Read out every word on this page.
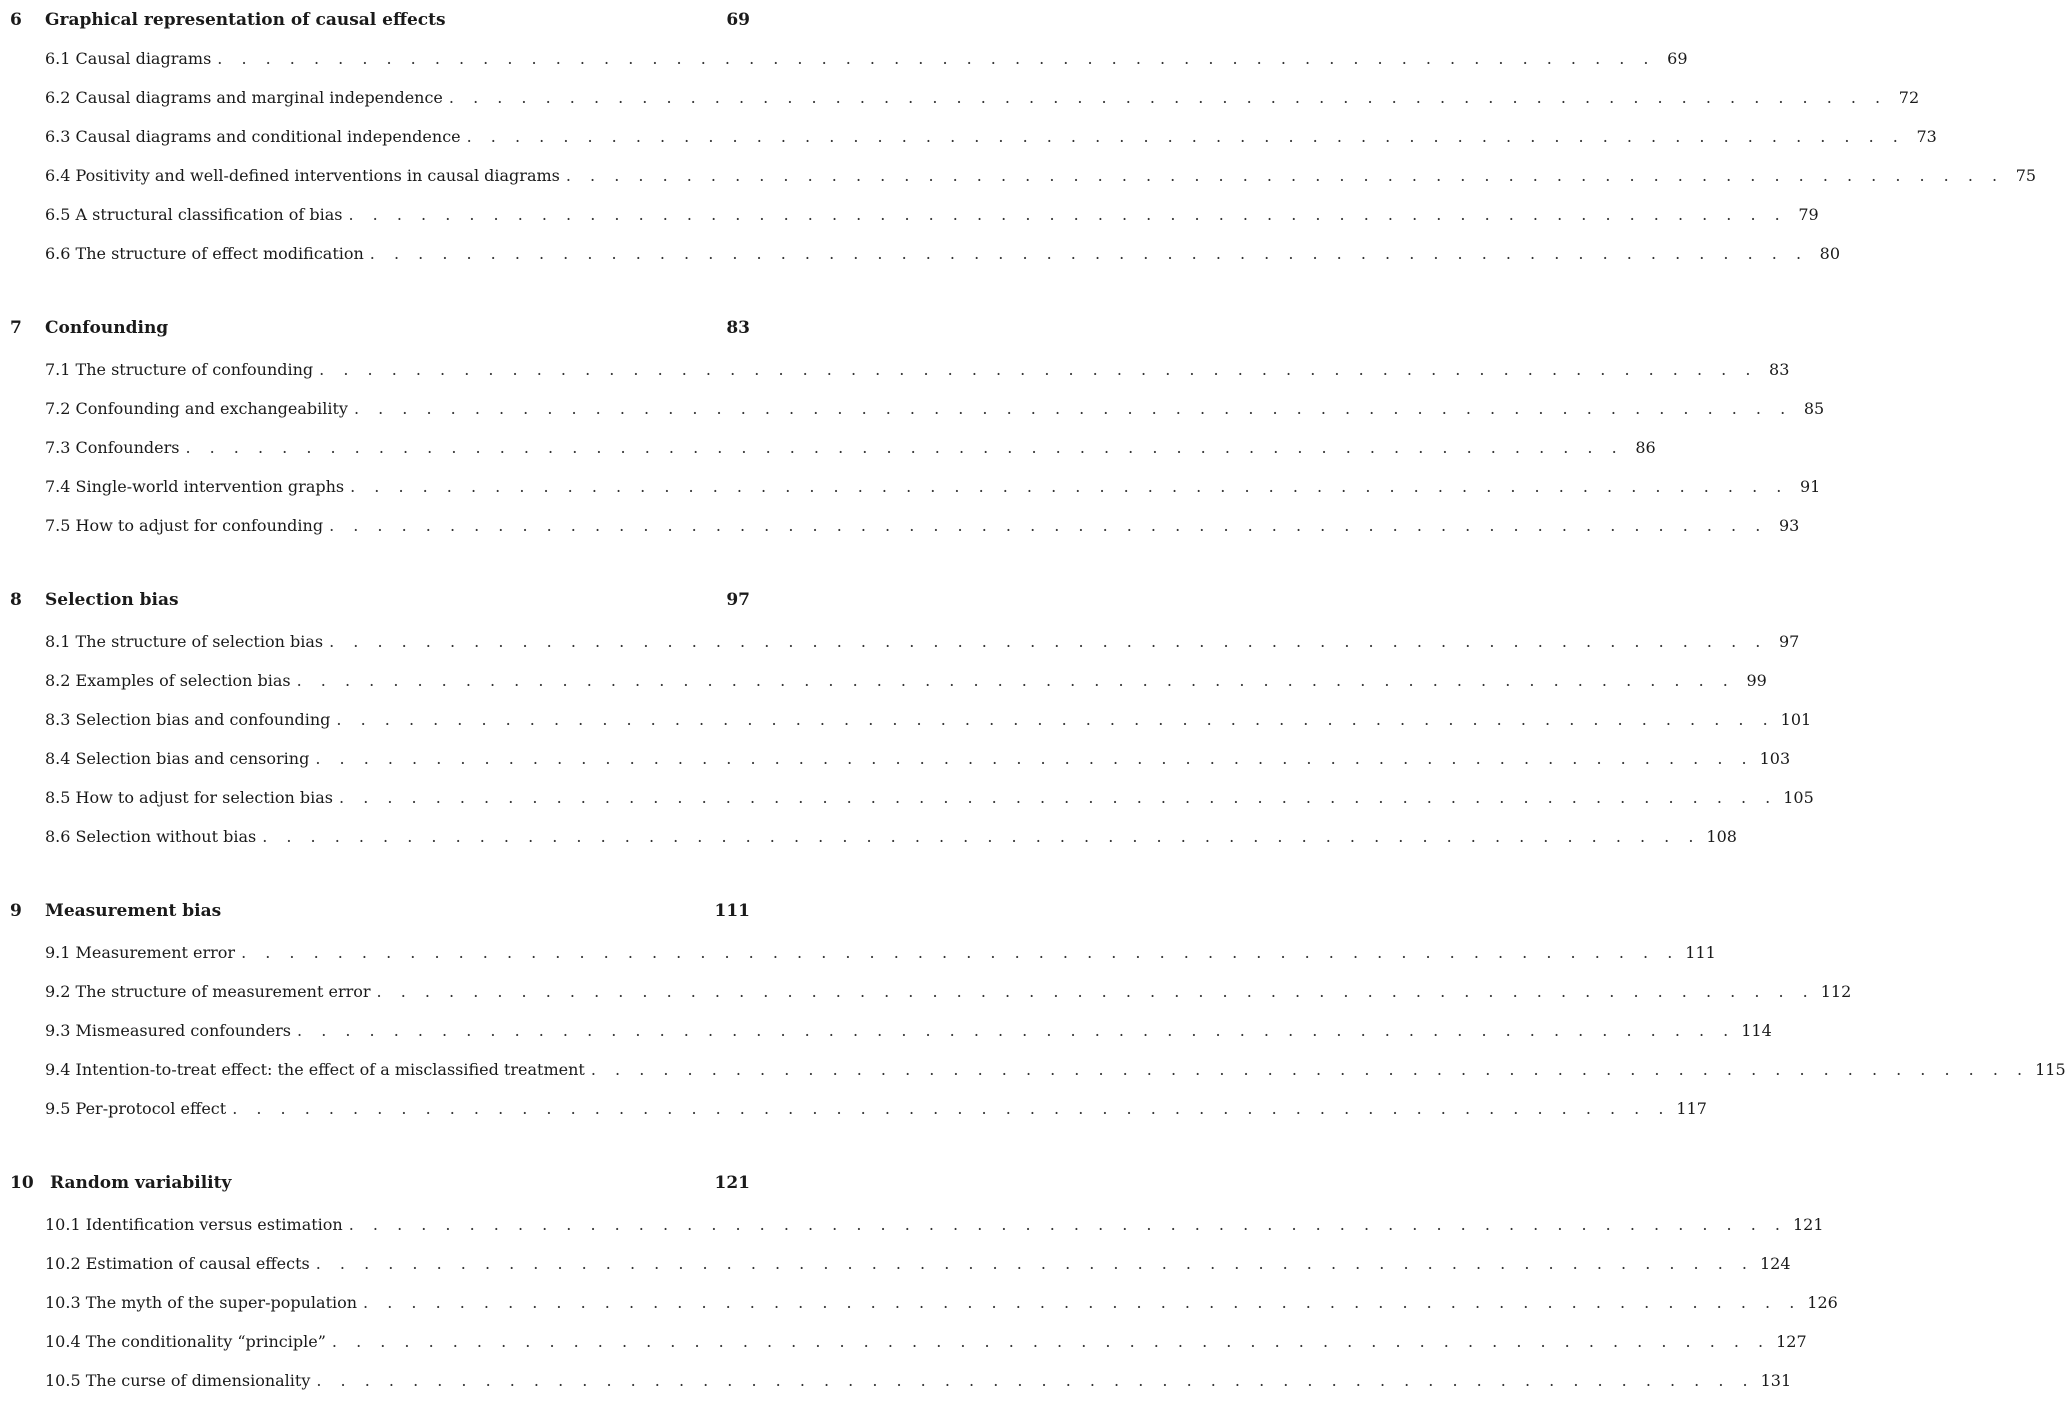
6 Graphical representation of causal effects	69
6.1 Causal diagrams . . . . . . . . . . . . . . . . . . . . . . . . . . . . . . . . . . . . . . . . . . . . . . . . . . . . . . . . . . . . 69
6.2 Causal diagrams and marginal independence . . . . . . . . . . . . . . . . . . . . . . . . . . . . . . . . . . . . . . . . . . . . . . . . . . . . . . . . . . . . 72
6.3 Causal diagrams and conditional independence . . . . . . . . . . . . . . . . . . . . . . . . . . . . . . . . . . . . . . . . . . . . . . . . . . . . . . . . . . . . 73
6.4 Positivity and well-defined interventions in causal diagrams . . . . . . . . . . . . . . . . . . . . . . . . . . . . . . . . . . . . . . . . . . . . . . . . . . . . . . . . . . . . 75
6.5 A structural classification of bias . . . . . . . . . . . . . . . . . . . . . . . . . . . . . . . . . . . . . . . . . . . . . . . . . . . . . . . . . . . . 79
6.6 The structure of effect modification . . . . . . . . . . . . . . . . . . . . . . . . . . . . . . . . . . . . . . . . . . . . . . . . . . . . . . . . . . . . 80
7 Confounding	83
7.1 The structure of confounding . . . . . . . . . . . . . . . . . . . . . . . . . . . . . . . . . . . . . . . . . . . . . . . . . . . . . . . . . . . . 83
7.2 Confounding and exchangeability . . . . . . . . . . . . . . . . . . . . . . . . . . . . . . . . . . . . . . . . . . . . . . . . . . . . . . . . . . . . 85
7.3 Confounders . . . . . . . . . . . . . . . . . . . . . . . . . . . . . . . . . . . . . . . . . . . . . . . . . . . . . . . . . . . . 86
7.4 Single-world intervention graphs . . . . . . . . . . . . . . . . . . . . . . . . . . . . . . . . . . . . . . . . . . . . . . . . . . . . . . . . . . . . 91
7.5 How to adjust for confounding . . . . . . . . . . . . . . . . . . . . . . . . . . . . . . . . . . . . . . . . . . . . . . . . . . . . . . . . . . . . 93
8 Selection bias	97
8.1 The structure of selection bias . . . . . . . . . . . . . . . . . . . . . . . . . . . . . . . . . . . . . . . . . . . . . . . . . . . . . . . . . . . . 97
8.2 Examples of selection bias . . . . . . . . . . . . . . . . . . . . . . . . . . . . . . . . . . . . . . . . . . . . . . . . . . . . . . . . . . . . 99
8.3 Selection bias and confounding . . . . . . . . . . . . . . . . . . . . . . . . . . . . . . . . . . . . . . . . . . . . . . . . . . . . . . . . . . . . 101
8.4 Selection bias and censoring . . . . . . . . . . . . . . . . . . . . . . . . . . . . . . . . . . . . . . . . . . . . . . . . . . . . . . . . . . . . 103
8.5 How to adjust for selection bias . . . . . . . . . . . . . . . . . . . . . . . . . . . . . . . . . . . . . . . . . . . . . . . . . . . . . . . . . . . . 105
8.6 Selection without bias . . . . . . . . . . . . . . . . . . . . . . . . . . . . . . . . . . . . . . . . . . . . . . . . . . . . . . . . . . . . 108
9 Measurement bias	111
9.1 Measurement error . . . . . . . . . . . . . . . . . . . . . . . . . . . . . . . . . . . . . . . . . . . . . . . . . . . . . . . . . . . . 111
9.2 The structure of measurement error . . . . . . . . . . . . . . . . . . . . . . . . . . . . . . . . . . . . . . . . . . . . . . . . . . . . . . . . . . . . 112
9.3 Mismeasured confounders . . . . . . . . . . . . . . . . . . . . . . . . . . . . . . . . . . . . . . . . . . . . . . . . . . . . . . . . . . . . 114
9.4 Intention-to-treat effect: the effect of a misclassified treatment . . . . . . . . . . . . . . . . . . . . . . . . . . . . . . . . . . . . . . . . . . . . . . . . . . . . . . . . . . . . 115
9.5 Per-protocol effect . . . . . . . . . . . . . . . . . . . . . . . . . . . . . . . . . . . . . . . . . . . . . . . . . . . . . . . . . . . . 117
10 Random variability	121
10.1 Identification versus estimation . . . . . . . . . . . . . . . . . . . . . . . . . . . . . . . . . . . . . . . . . . . . . . . . . . . . . . . . . . . . 121
10.2 Estimation of causal effects . . . . . . . . . . . . . . . . . . . . . . . . . . . . . . . . . . . . . . . . . . . . . . . . . . . . . . . . . . . . 124
10.3 The myth of the super-population . . . . . . . . . . . . . . . . . . . . . . . . . . . . . . . . . . . . . . . . . . . . . . . . . . . . . . . . . . . . 126
10.4 The conditionality “principle” . . . . . . . . . . . . . . . . . . . . . . . . . . . . . . . . . . . . . . . . . . . . . . . . . . . . . . . . . . . . 127
10.5 The curse of dimensionality . . . . . . . . . . . . . . . . . . . . . . . . . . . . . . . . . . . . . . . . . . . . . . . . . . . . . . . . . . . . 131
